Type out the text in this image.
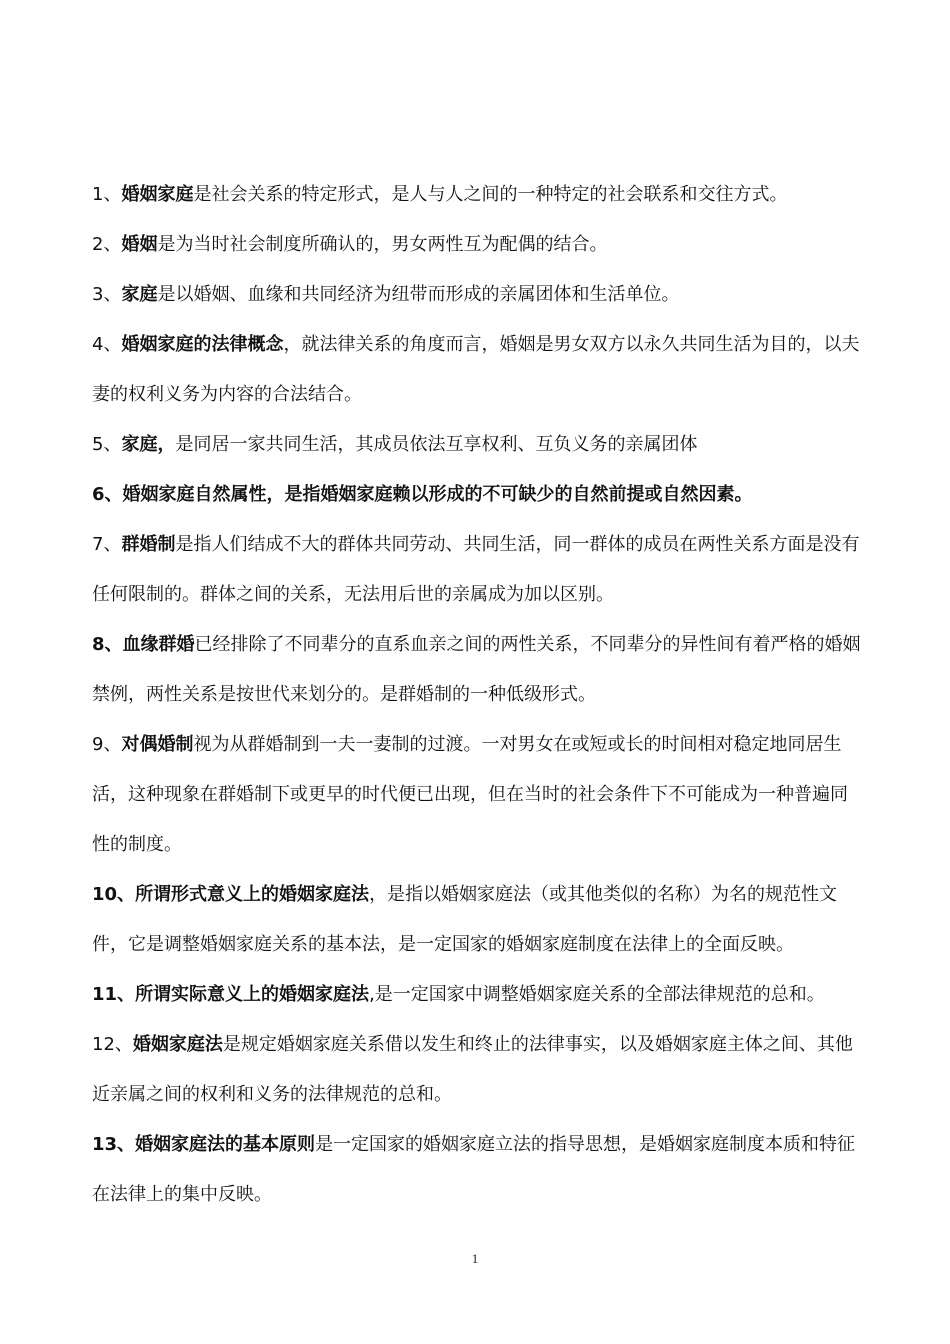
1、婚姻家庭是社会关系的特定形式，是人与人之间的一种特定的社会联系和交往方式。

2、婚姻是为当时社会制度所确认的，男女两性互为配偶的结合。

3、家庭是以婚姻、血缘和共同经济为纽带而形成的亲属团体和生活单位。

4、婚姻家庭的法律概念，就法律关系的角度而言，婚姻是男女双方以永久共同生活为目的，以夫妻的权利义务为内容的合法结合。

5、家庭，是同居一家共同生活，其成员依法互享权利、互负义务的亲属团体

6、婚姻家庭自然属性，是指婚姻家庭赖以形成的不可缺少的自然前提或自然因素。

7、群婚制是指人们结成不大的群体共同劳动、共同生活，同一群体的成员在两性关系方面是没有任何限制的。群体之间的关系，无法用后世的亲属成为加以区别。

8、血缘群婚已经排除了不同辈分的直系血亲之间的两性关系，不同辈分的异性间有着严格的婚姻禁例，两性关系是按世代来划分的。是群婚制的一种低级形式。

9、对偶婚制视为从群婚制到一夫一妻制的过渡。一对男女在或短或长的时间相对稳定地同居生活，这种现象在群婚制下或更早的时代便已出现，但在当时的社会条件下不可能成为一种普遍同性的制度。

10、所谓形式意义上的婚姻家庭法，是指以婚姻家庭法（或其他类似的名称）为名的规范性文件，它是调整婚姻家庭关系的基本法，是一定国家的婚姻家庭制度在法律上的全面反映。

11、所谓实际意义上的婚姻家庭法,是一定国家中调整婚姻家庭关系的全部法律规范的总和。

12、婚姻家庭法是规定婚姻家庭关系借以发生和终止的法律事实，以及婚姻家庭主体之间、其他近亲属之间的权利和义务的法律规范的总和。

13、婚姻家庭法的基本原则是一定国家的婚姻家庭立法的指导思想，是婚姻家庭制度本质和特征在法律上的集中反映。

1
